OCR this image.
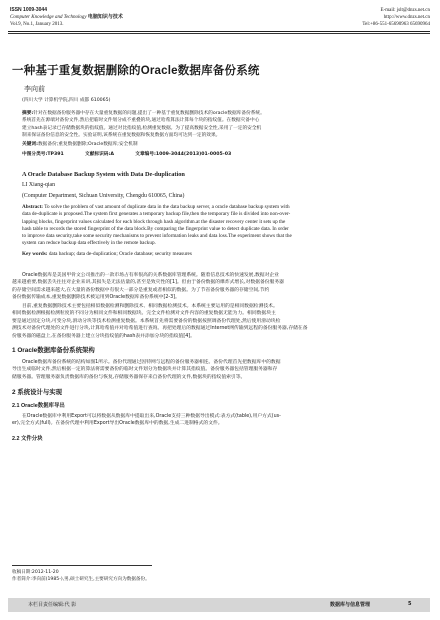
ISSN 1009-3044
Computer Knowledge and Technology 电脑知识与技术
Vol.9, No.1, January 2013.
E-mail: jslt@dnzs.net.cn
http://www.dnzs.net.cn
Tel:+86-551-65690963 65690964
一种基于重复数据删除的Oracle数据库备份系统
李向前
(四川大学 计算机学院,四川 成都 610065)
摘要:针对在数据备份服务器中存在大量重复数据的问题,提出了一种基于重复数据删除技术的oracle数据库备份系统。
系统首先在源端对备份文件,然后把临时文件划分成不重叠的块,通过哈希算法计算每个块的指纹值。在数据灾备中心
建立hash表记录已存储数据块的指纹值。通过对比指纹值,检测重复数据。为了提高数据安全性,采用了一定的安全机
制来保证备份信息的安全性。实验证明,该系统在重复数据和恢复数据方面均可达到一定的效果。
关键词:数据备份;重复数据删除;Oracle数据库;安全机制
中图分类号:TP391	文献标识码:A	文章编号:1009-3044(2013)01-0005-03
A Oracle Database Backup System with Data De-duplication
LI Xiang-qian
(Computer Department, Sichuan University, Chengdu 610065, China)
Abstract: To solve the problem of vast amount of duplicate data in the data backup server, a oracle database backup system with
data de-duplicate is proposed.The system first generates a temporary backup file,then the temporary file is divided into non-over-
lapping blocks, fingerprint values calculated for each block through hash algorithm.at the disaster recovery center it sets up the
hash table to records the stored fingerprint of the data block.By comparing the fingerprint value to detect duplicate data. In order
to improve data security,take some security mechanisms to prevent information leaks and data loss.The experiment shows that the
system can reduce backup data effectively in the remote backup.
Key words: data backup; data de-duplication; Oracle database; security measures
Oracle数据库是美国甲骨文公司推出的一款市场占有率很高的关系数据库管理系统。随着信息技术的快速发展,数据对企业
越来越重要,数据丢失往往对企业来讲,其损失是无法估量的,甚至是致灾性的[1]。但由于备份数据的爆炸式增长,对数据备份服务器
的存储空间需求越来越大,在大量的备份数据中有很大一部分是重复或者相似的数据。为了节省备份服务器的存储空间,节约
备份数据传输成本,重复数据删除技术被运用到Oracle数据库备份系统中[2-3]。
目前,重复数据删除技术主要包括相似数据检测和删除技术、相同数据检测技术。本系统主要运用的是相同数据检测技术。
相同数据检测根据检测粒度的不同分为相同文件和相同数据块。完全文件检测对文件内容的重复数据无能为力。相同数据块主
要是通过固定分块,可变分块,滑动分块等技术检测重复数据。本系统首先将需要备份的数据按照调备份代理处,然后使用滑动块检
测技术对备份代理处的文件进行分块,计算哈希值并对哈希值进行查询。再把处理后的数据通过Internet网传输到远程的备份服务器,存储在备
份服务器的磁盘上,在备份服务器上建立分块指纹值的hash表并添加分块的指纹值[4]。
1 Oracle数据库备份系统架构
Oracle数据库备份系统的结构如图1所示。备份代理通过因特网与远程的备份服务器相连。备份代理首先把数据库中的数据
导出生成临时文件,然后根据一定的算法将需要备份的临时文件划分为数据块并计算其指纹值。备份服务器包括管理服务器和存
储服务器。管理服务器负责数据库的备份与恢复,存储服务器保存来自备份代理的文件,数据块的指纹值索引等。
2 系统设计与实现
2.1 Oracle数据库导出
在Oracle数据库中利用Export可以将数据从数据库中提取出来,Oracle支持三种数据导出模式:表方式(table),用户方式(us-
er),完全方式(full)。在备份代理中利用Export导出Oracle数据库中的数据,生成二进制格式的文件。
2.2 文件分块
收稿日期:2012-11-20
作者简介:李向前(1985-),男,硕士研究生,主要研究方向为数据备份。
本栏目责任编辑:代 影	数据库与信息管理	5
